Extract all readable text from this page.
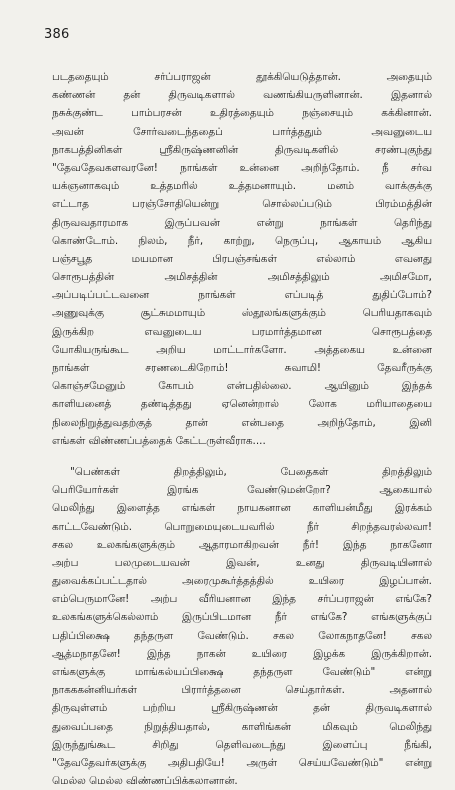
386
படததையும் சர்ப்பராஜன் தூக்கியெடுத்தான். அதையும்
கண்ணன் தன் திருவடிகளால் வணங்கியருளினான். இதனால்
நசுக்குண்ட பாம்பரசன் உதிரத்தையும் நஞ்சையும் கக்கினான்.
அவன் சோர்வடைந்ததைப் பார்த்ததும் அவனுடைய
நாகபத்தினிகள் ஸ்ரீகிருஷ்ணனின் திருவடிகளில் சரண்புகுந்து
"தேவதேவகளவரனே! நாங்கள் உன்னை அறிந்தோம். நீ சர்வ
யக்ஞனாகவும் உத்தமரில் உத்தமனாயும். மனம் வாக்குக்கு
எட்டாத பரஞ்சோதியென்று சொல்லப்படும் பிரம்மத்தின்
திருவவதாரமாக இருப்பவன் என்று நாங்கள் தெரிந்து
கொண்டோம். நிலம், நீர், காற்று, நெருப்பு, ஆகாயம் ஆகிய
பஞ்சபூத மயமான பிரபஞ்சங்கள் எல்லாம் எவனது
சொரூபத்தின் அமிசத்தின் அமிசத்திலும் அமிசமோ,
அப்படிப்பட்டவனை நாங்கள் எப்படித் துதிப்போம்?
அணுவுக்கு சூட்சுமமாயும் ஸ்தூலங்களுக்கும் பெரியதாகவும்
இருக்கிற எவனுடைய பரமார்த்தமான சொரூபத்தை
யோகியருங்கூட அறிய மாட்டார்களோ. அத்தகைய உன்னை
நாங்கள் சரணடைகிறோம்! சுவாமி! தேவரீருக்கு
கொஞ்சமேனும் கோபம் என்பதில்லை. ஆயினும் இந்தக்
காளியனைத் தண்டித்தது ஏனென்றால் லோக மரியாதையை
நிலைநிறுத்துவதற்குத் தான் என்பதை அறிந்தோம், இனி
எங்கள் விண்ணப்பத்தைக் கேட்டருள்வீராக....
"பெண்கள் திறத்திலும், பேதைகள் திறத்திலும்
பெரியோர்கள் இரங்க வேண்டுமன்றோ? ஆகையால்
மெலிந்து இளைத்த எங்கள் நாயகனான காளியன்மீது இரக்கம்
காட்டவேண்டும். பொறுமையுடையவரில் நீர் சிறந்தவரல்லவா!
சகல உலகங்களுக்கும் ஆதாரமாகிறவன் நீர்! இந்த நாகனோ
அற்ப பலமுடையவன் இவன், உனது திருவடியினால்
துவைக்கப்பட்டதால் அரைமுகூர்த்தத்தில் உயிரை இழப்பான்.
எம்பெருமானே! அற்ப வீரியனான இந்த சர்ப்பராஜன் எங்கே?
உலகங்களுக்கெல்லாம் இருப்பிடமான நீர் எங்கே? எங்களுக்குப்
பதிப்பிக்ஷை தந்தருள வேண்டும். சகல லோகநாதனே! சகல
ஆத்மநாதனே! இந்த நாகன் உயிரை இழக்க இருக்கிறான்.
எங்களுக்கு மாங்கல்யப்பிக்ஷை தந்தருள வேண்டும்" என்று
நாகககன்னியர்கள் பிரார்த்தனை செய்தார்கள். அதனால்
திருவுள்ளம் பற்றிய ஸ்ரீகிருஷ்ணன் தன் திருவடிகளால்
துவைப்பதை நிறுத்தியதால், காளிங்கன் மிகவும் மெலிந்து
இருந்துங்கூட சிறிது தெளிவடைந்து இளைப்பு நீங்கி,
"தேவதேவர்களுக்கு அதிபதியே! அருள் செய்யவேண்டும்" என்று
மெல்ல மெல்ல விண்ணப்பிக்கலானான்.
